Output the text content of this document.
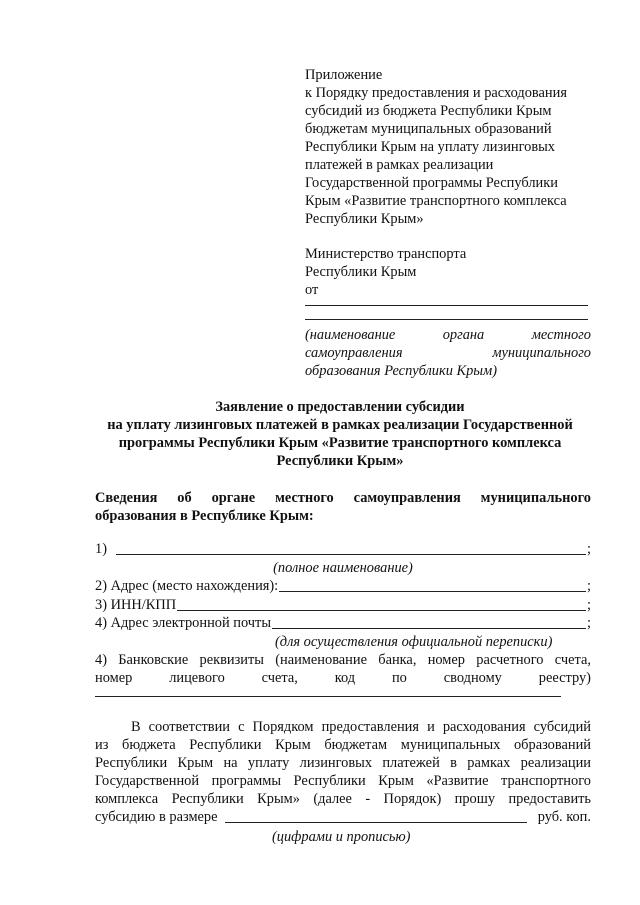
Приложение
к Порядку предоставления и расходования
субсидий из бюджета Республики Крым
бюджетам муниципальных образований
Республики Крым на уплату лизинговых
платежей в рамках реализации
Государственной программы Республики
Крым «Развитие транспортного комплекса
Республики Крым»
Министерство транспорта
Республики Крым
от
(наименование	органа	местного
самоуправления	муниципального
образования Республики Крым)
Заявление о предоставлении субсидии
на уплату лизинговых платежей в рамках реализации Государственной
программы Республики Крым «Развитие транспортного комплекса
Республики Крым»
Сведения об органе местного самоуправления муниципального
образования в Республике Крым:
1)	;
(полное наименование)
2) Адрес (место нахождения):	;
3) ИНН/КПП	;
4) Адрес электронной почты	;
(для осуществления официальной переписки)
4) Банковские реквизиты (наименование банка, номер расчетного счета,
номер	лицевого	счета,	код	по	сводному	реестру)
В соответствии с Порядком предоставления и расходования субсидий
из бюджета Республики Крым бюджетам муниципальных образований
Республики Крым на уплату лизинговых платежей в рамках реализации
Государственной программы Республики Крым «Развитие транспортного
комплекса Республики Крым» (далее - Порядок) прошу предоставить
субсидию в размере	руб. коп.
(цифрами и прописью)
